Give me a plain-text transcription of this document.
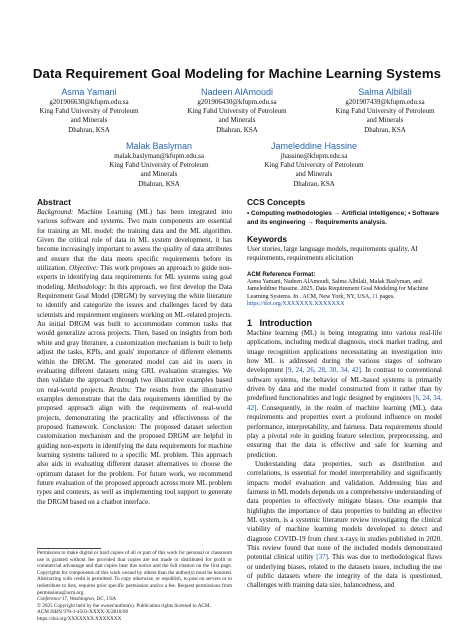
Data Requirement Goal Modeling for Machine Learning Systems
Asma Yamani
g201906630@kfupm.edu.sa
King Fahd University of Petroleum
and Minerals
Dhahran, KSA
Nadeen AlAmoudi
g201906430@kfupm.edu.sa
King Fahd University of Petroleum
and Minerals
Dhahran, KSA
Salma Albilali
g201907439@kfupm.edu.sa
King Fahd University of Petroleum
and Minerals
Dhahran, KSA
Malak Baslyman
malak.baslyman@kfupm.edu.sa
King Fahd University of Petroleum
and Minerals
Dhahran, KSA
Jameleddine Hassine
jhassine@kfupm.edu.sa
King Fahd University of Petroleum
and Minerals
Dhahran, KSA
Abstract

Background: Machine Learning (ML) has been integrated into various software and systems. Two main components are essential for training an ML model: the training data and the ML algorithm. Given the critical role of data in ML system development, it has become increasingly important to assess the quality of data attributes and ensure that the data meets specific requirements before its utilization. Objective: This work proposes an approach to guide non-experts in identifying data requirements for ML systems using goal modeling. Methodology: In this approach, we first develop the Data Requirement Goal Model (DRGM) by surveying the white literature to identify and categorize the issues and challenges faced by data scientists and requirement engineers working on ML-related projects. An initial DRGM was built to accommodate common tasks that would generalize across projects. Then, based on insights from both white and gray literature, a customization mechanism is built to help adjust the tasks, KPIs, and goals' importance of different elements within the DRGM. The generated model can aid its users in evaluating different datasets using GRL evaluation strategies. We then validate the approach through two illustrative examples based on real-world projects. Results: The results from the illustrative examples demonstrate that the data requirements identified by the proposed approach align with the requirements of real-world projects, demonstrating the practicality and effectiveness of the proposed framework. Conclusion: The proposed dataset selection customization mechanism and the proposed DRGM are helpful in guiding non-experts in identifying the data requirements for machine learning systems tailored to a specific ML problem. This approach also aids in evaluating different dataset alternatives to choose the optimum dataset for the problem. For future work, we recommend future evaluation of the proposed approach across more ML problem types and contexts, as well as implementing tool support to generate the DRGM based on a chatbot interface.

Permission to make digital or hard copies of all or part of this work for personal or classroom use is granted without fee provided that copies are not made or distributed for profit or commercial advantage and that copies bear this notice and the full citation on the first page. Copyrights for components of this work owned by others than the author(s) must be honored. Abstracting with credit is permitted. To copy otherwise, or republish, to post on servers or to redistribute to lists, requires prior specific permission and/or a fee. Request permissions from permissions@acm.org.
Conference'17, Washington, DC, USA
© 2025 Copyright held by the owner/author(s). Publication rights licensed to ACM.
ACM ISBN 978-1-4503-XXXX-X/2018/06
https://doi.org/XXXXXXX.XXXXXXX
CCS Concepts

• Computing methodologies → Artificial intelligence; • Software and its engineering → Requirements analysis.

Keywords

User stories, large language models, requirements quality, AI requirements, requirements elicitation

ACM Reference Format:

Asma Yamani, Nadeen AlAmoudi, Salma Albilali, Malak Baslyman, and Jameleddine Hassine. 2025. Data Requirement Goal Modeling for Machine Learning Systems. In . ACM, New York, NY, USA, 11 pages. https://doi.org/XXXXXXX.XXXXXXX

1 Introduction

Machine learning (ML) is being integrating into various real-life applications, including medical diagnosis, stock market trading, and image recognition applications necessitating an investigation into how ML is addressed during the various stages of software development [9, 24, 26, 28, 30, 34, 42]. In contrast to conventional software systems, the behavior of ML-based systems is primarily driven by data and the model constructed from it rather than by predefined functionalities and logic designed by engineers [6, 24, 34, 42]. Consequently, in the realm of machine learning (ML), data requirements and properties exert a profound influence on model performance, interpretability, and fairness. Data requirements should play a pivotal role in guiding feature selection, preprocessing, and ensuring that the data is effective and safe for learning and prediction.

Understanding data properties, such as distribution and correlations, is essential for model interpretability and significantly impacts model evaluation and validation. Addressing bias and fairness in ML models depends on a comprehensive understanding of data properties to effectively mitigate biases. One example that highlights the importance of data properties to building an effective ML system, is a systemic literature review investigating the clinical viability of machine learning models developed to detect and diagnose COVID-19 from chest x-rays in studies published in 2020. This review found that none of the included models demonstrated potential clinical utility [37]. This was due to methodological flaws or underlying biases, related to the datasets issues, including the use of public datasets where the integrity of the data is questioned, challenges with training data size, balancedness, and
